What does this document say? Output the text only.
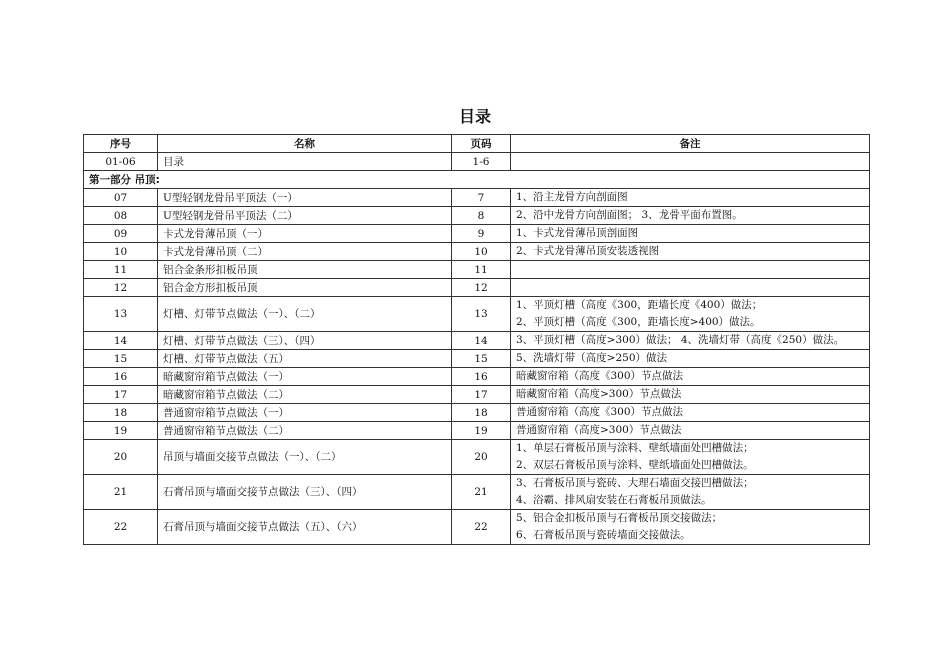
目录
序号	名称	页码	备注
01-06	目录	1-6	
第一部分 吊顶:			
07	U型轻钢龙骨吊平顶法（一）	7	1、沿主龙骨方向剖面图

08	U型轻钢龙骨吊平顶法（二）	8	2、沿中龙骨方向剖面图； 3、龙骨平面布置图。

09	卡式龙骨薄吊顶（一）	9	1、卡式龙骨薄吊顶剖面图

10	卡式龙骨薄吊顶（二）	10	2、卡式龙骨薄吊顶安装透视图

11	铝合金条形扣板吊顶	11	
12	铝合金方形扣板吊顶	12	
13	灯槽、灯带节点做法（一）、（二）	13	1、平顶灯槽（高度《300，距墙长度《400）做法；
2、平顶灯槽（高度《300，距墙长度>400）做法。

14	灯槽、灯带节点做法（三）、（四）	14	3、平顶灯槽（高度>300）做法； 4、洗墙灯带（高度《250）做法。

15	灯槽、灯带节点做法（五）	15	5、洗墙灯带（高度>250）做法

16	暗藏窗帘箱节点做法（一）	16	暗藏窗帘箱（高度《300）节点做法

17	暗藏窗帘箱节点做法（二）	17	暗藏窗帘箱（高度>300）节点做法

18	普通窗帘箱节点做法（一）	18	普通窗帘箱（高度《300）节点做法

19	普通窗帘箱节点做法（二）	19	普通窗帘箱（高度>300）节点做法

20	吊顶与墙面交接节点做法（一）、（二）	20	1、单层石膏板吊顶与涂料、壁纸墙面处凹槽做法；
2、双层石膏板吊顶与涂料、壁纸墙面处凹槽做法。

21	石膏吊顶与墙面交接节点做法（三）、（四）	21	3、石膏板吊顶与瓷砖、大理石墙面交接凹槽做法；
4、浴霸、排风扇安装在石膏板吊顶做法。

22	石膏吊顶与墙面交接节点做法（五）、（六）	22	5、铝合金扣板吊顶与石膏板吊顶交接做法；
6、石膏板吊顶与瓷砖墙面交接做法。
